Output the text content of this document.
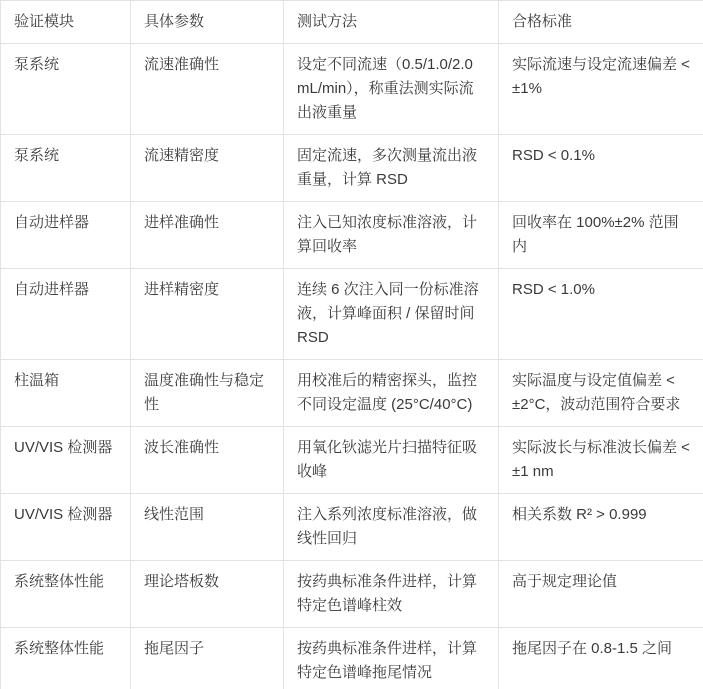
验证模块	具体参数	测试方法	合格标准
泵系统	流速准确性	设定不同流速（0.5/1.0/2.0 mL/min），称重法测实际流出液重量	实际流速与设定流速偏差 < ±1%
泵系统	流速精密度	固定流速，多次测量流出液重量，计算 RSD	RSD < 0.1%
自动进样器	进样准确性	注入已知浓度标准溶液，计算回收率	回收率在 100%±2% 范围内
自动进样器	进样精密度	连续 6 次注入同一份标准溶液，计算峰面积 / 保留时间 RSD	RSD < 1.0%
柱温箱	温度准确性与稳定性	用校准后的精密探头，监控不同设定温度 (25°C/40°C)	实际温度与设定值偏差 < ±2°C，波动范围符合要求
UV/VIS 检测器	波长准确性	用氧化钬滤光片扫描特征吸收峰	实际波长与标准波长偏差 < ±1 nm
UV/VIS 检测器	线性范围	注入系列浓度标准溶液，做线性回归	相关系数 R² > 0.999
系统整体性能	理论塔板数	按药典标准条件进样，计算特定色谱峰柱效	高于规定理论值
系统整体性能	拖尾因子	按药典标准条件进样，计算特定色谱峰拖尾情况	拖尾因子在 0.8-1.5 之间
